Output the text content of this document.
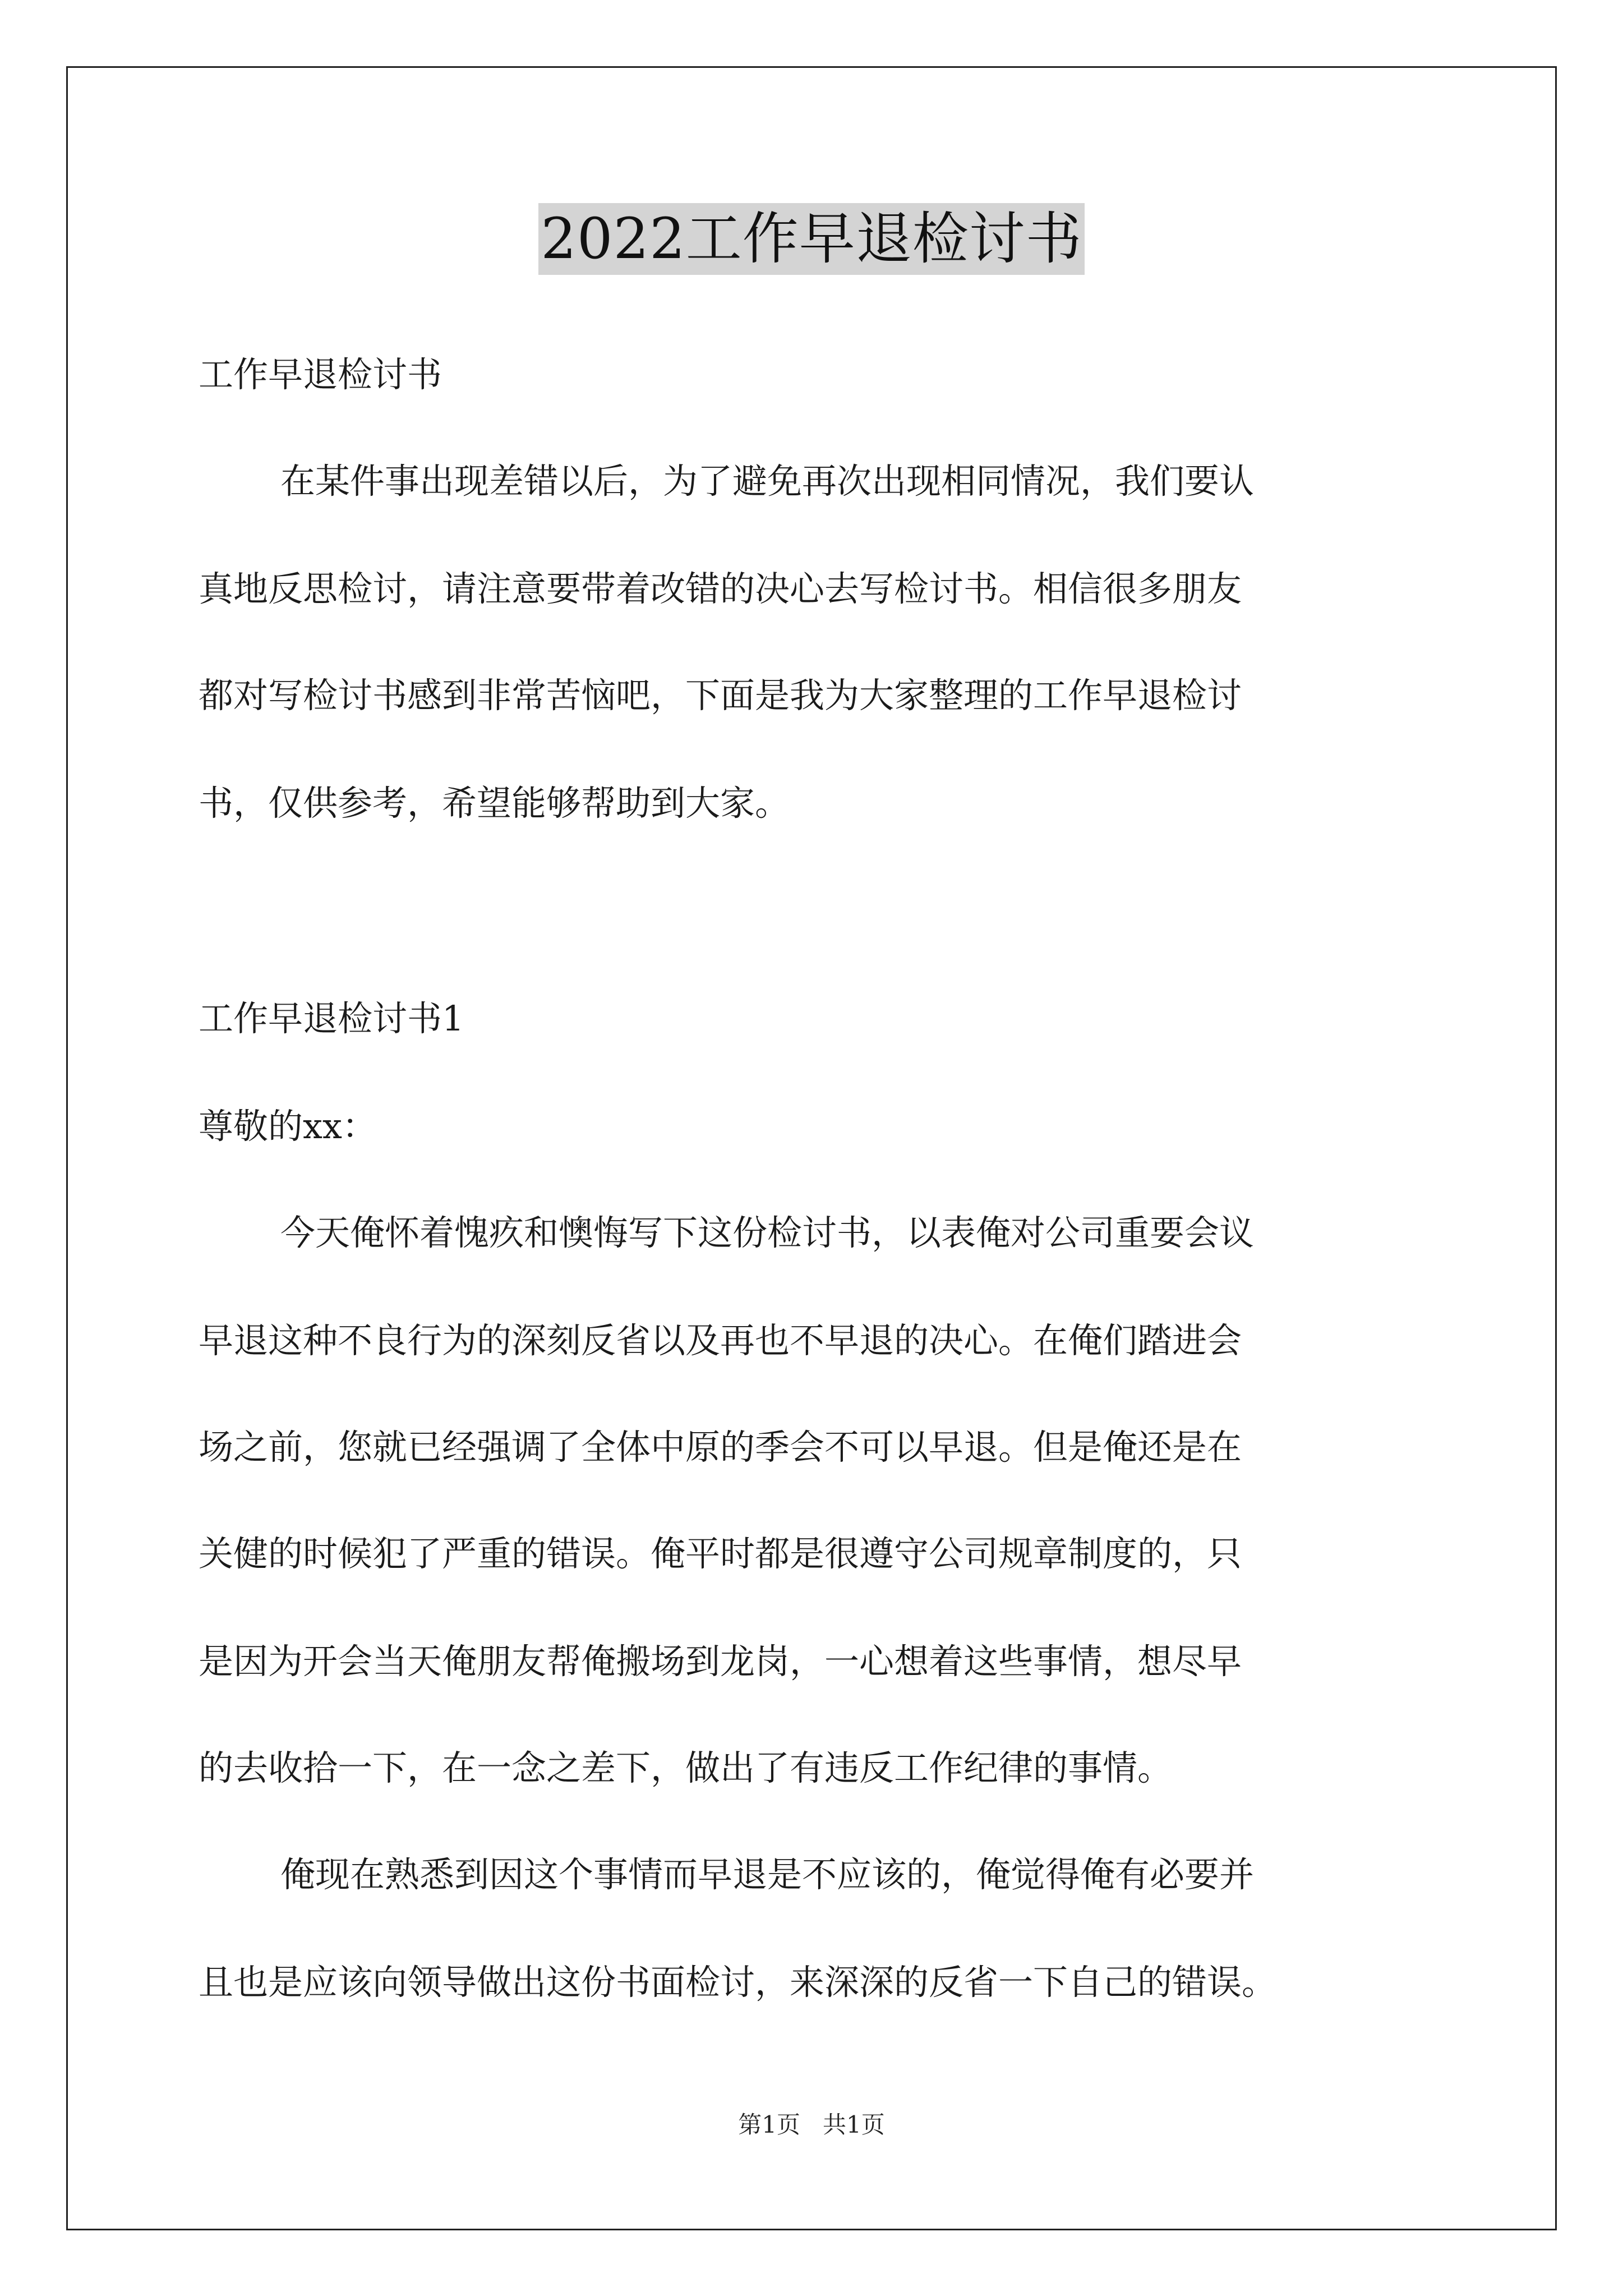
2022工作早退检讨书
工作早退检讨书
在某件事出现差错以后，为了避免再次出现相同情况，我们要认
真地反思检讨，请注意要带着改错的决心去写检讨书。相信很多朋友
都对写检讨书感到非常苦恼吧，下面是我为大家整理的工作早退检讨
书，仅供参考，希望能够帮助到大家。
工作早退检讨书1
尊敬的xx：
今天俺怀着愧疚和懊悔写下这份检讨书，以表俺对公司重要会议
早退这种不良行为的深刻反省以及再也不早退的决心。在俺们踏进会
场之前，您就已经强调了全体中原的季会不可以早退。但是俺还是在
关健的时候犯了严重的错误。俺平时都是很遵守公司规章制度的，只
是因为开会当天俺朋友帮俺搬场到龙岗，一心想着这些事情，想尽早
的去收拾一下，在一念之差下，做出了有违反工作纪律的事情。
俺现在熟悉到因这个事情而早退是不应该的，俺觉得俺有必要并
且也是应该向领导做出这份书面检讨，来深深的反省一下自己的错误。
第1页   共1页
